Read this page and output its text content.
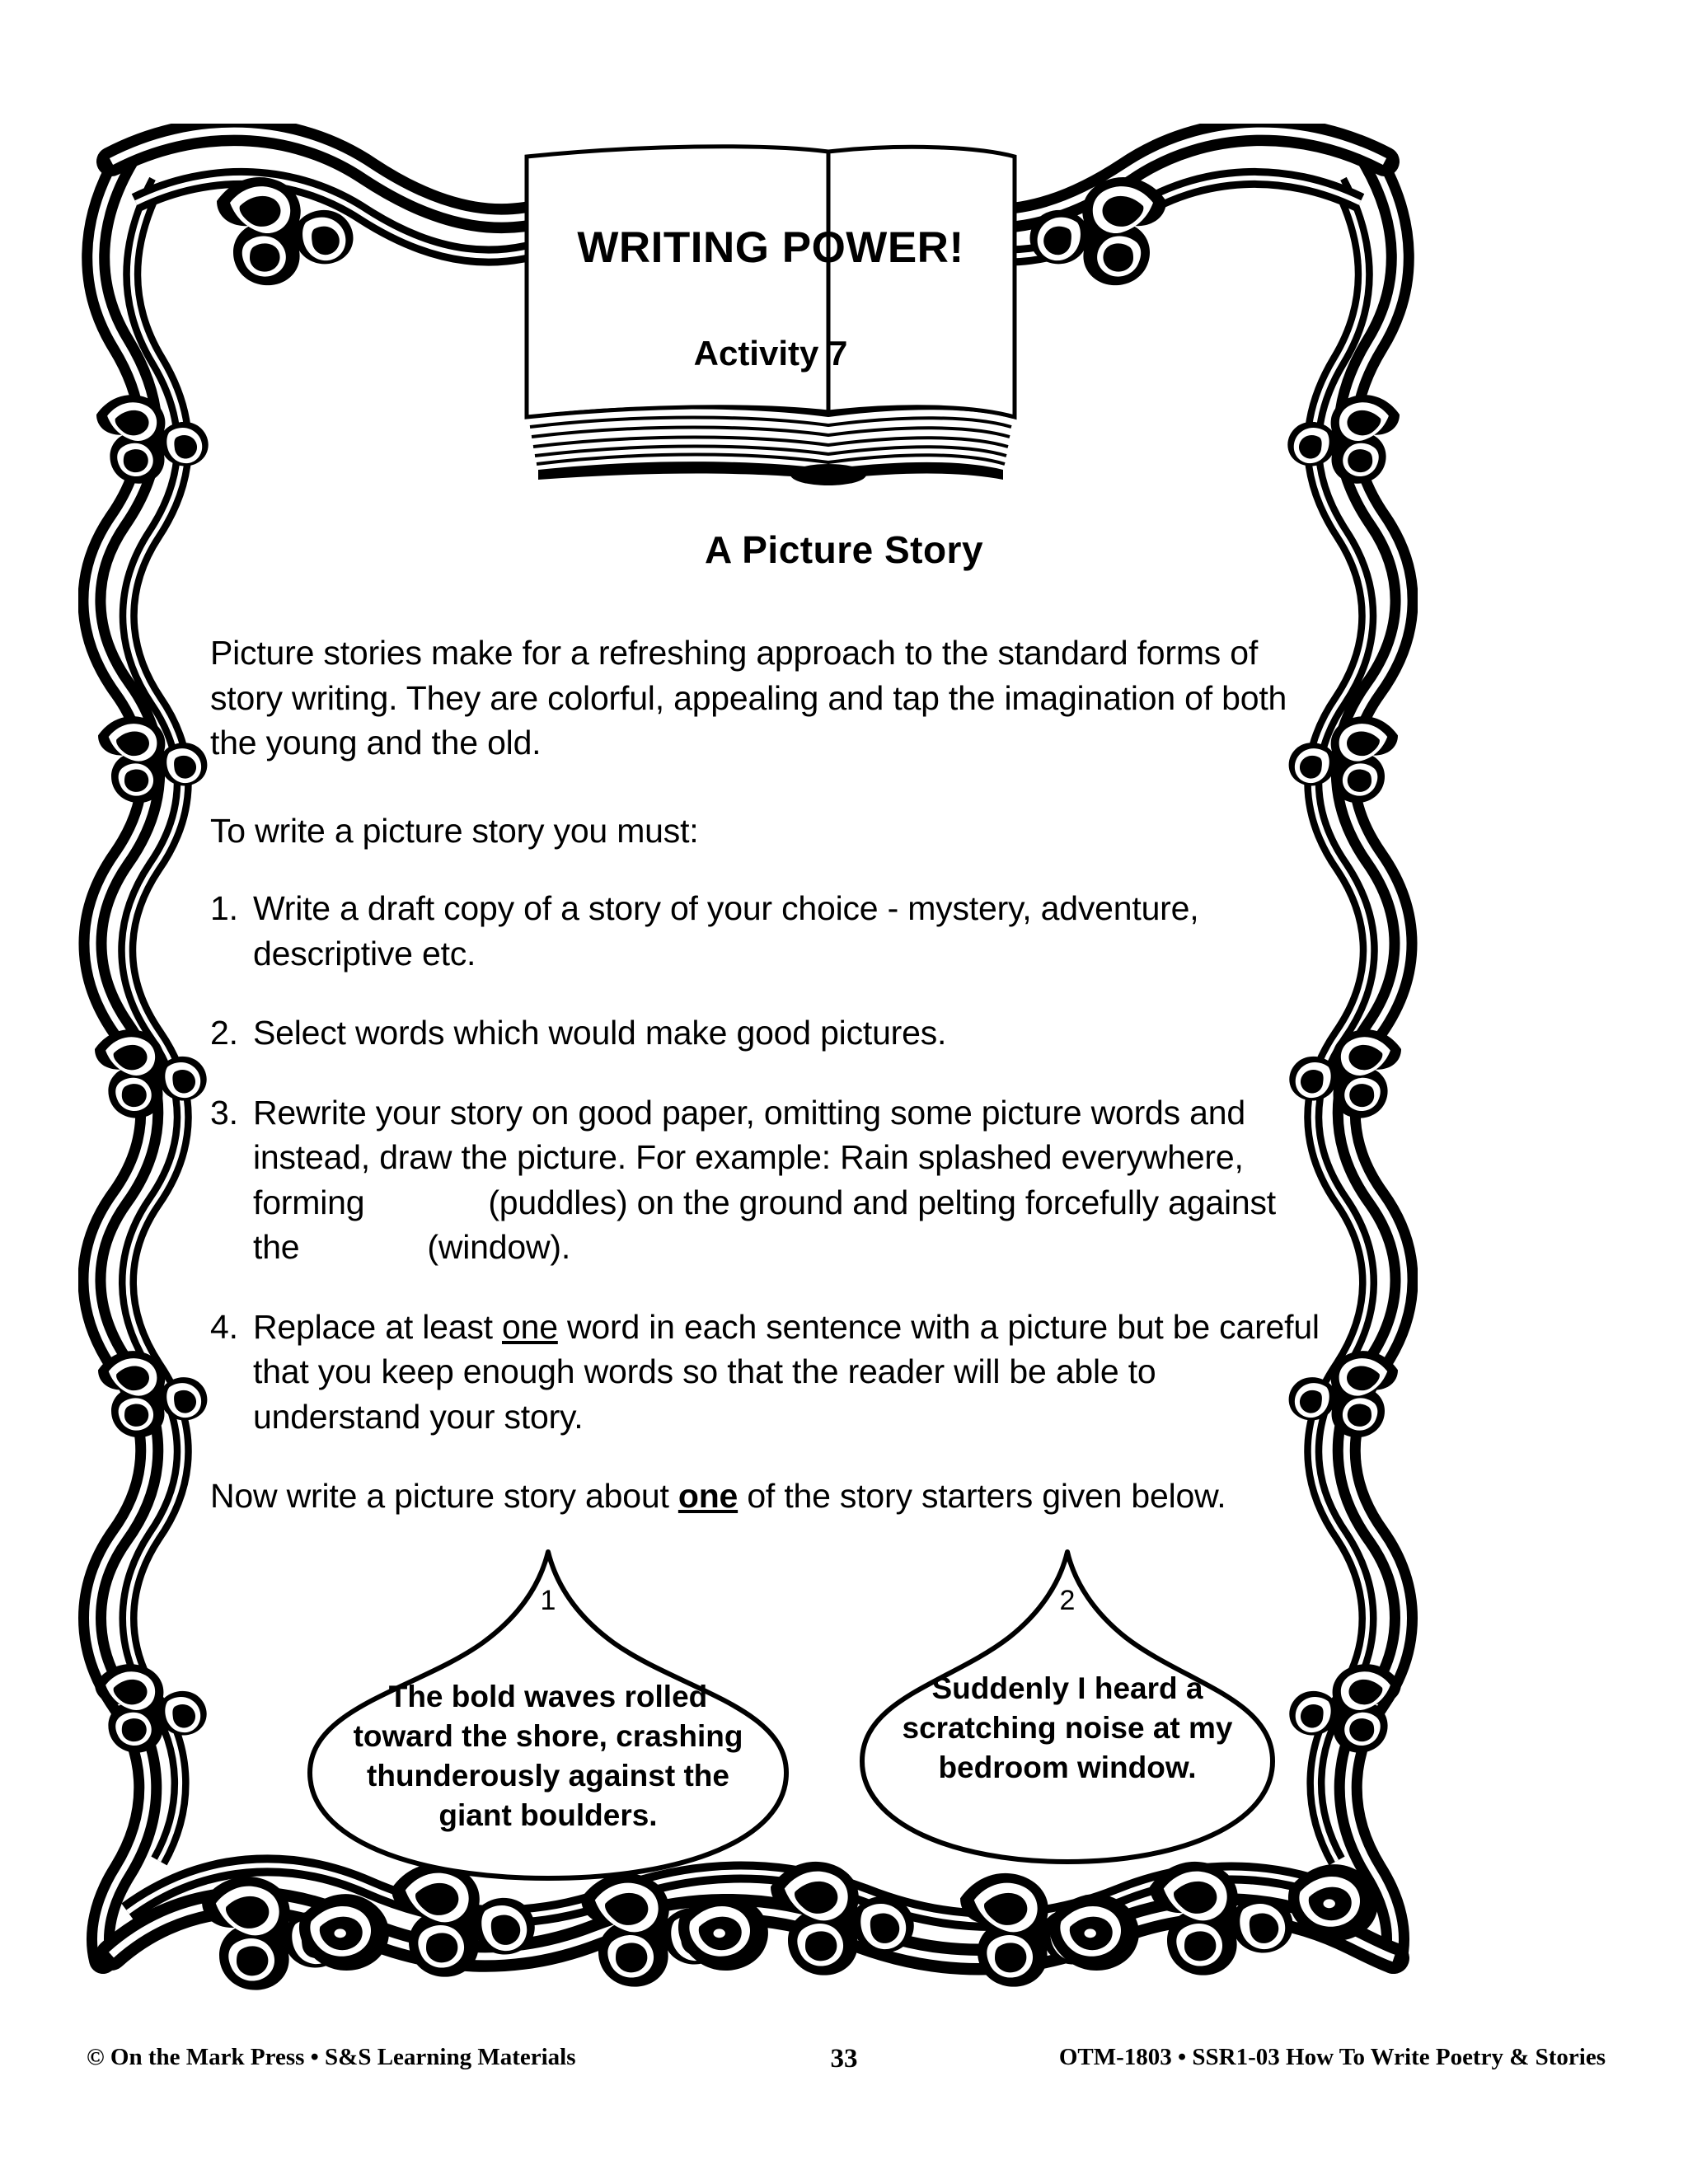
WRITING POWER!
Activity 7
A Picture Story

Picture stories make for a refreshing approach to the standard forms of story writing. They are colorful, appealing and tap the imagination of both the young and the old.

To write a picture story you must:

1. Write a draft copy of a story of your choice - mystery, adventure, descriptive etc.
2. Select words which would make good pictures.
3. Rewrite your story on good paper, omitting some picture words and instead, draw the picture. For example: Rain splashed everywhere, forming	(puddles) on the ground and pelting forcefully against the	(window).
4. Replace at least one word in each sentence with a picture but be careful that you keep enough words so that the reader will be able to understand your story.

Now write a picture story about one of the story starters given below.

1
The bold waves rolled toward the shore, crashing thunderously against the giant boulders.
2
Suddenly I heard a scratching noise at my bedroom window.
© On the Mark Press • S&S Learning Materials	33	OTM-1803 • SSR1-03 How To Write Poetry & Stories
